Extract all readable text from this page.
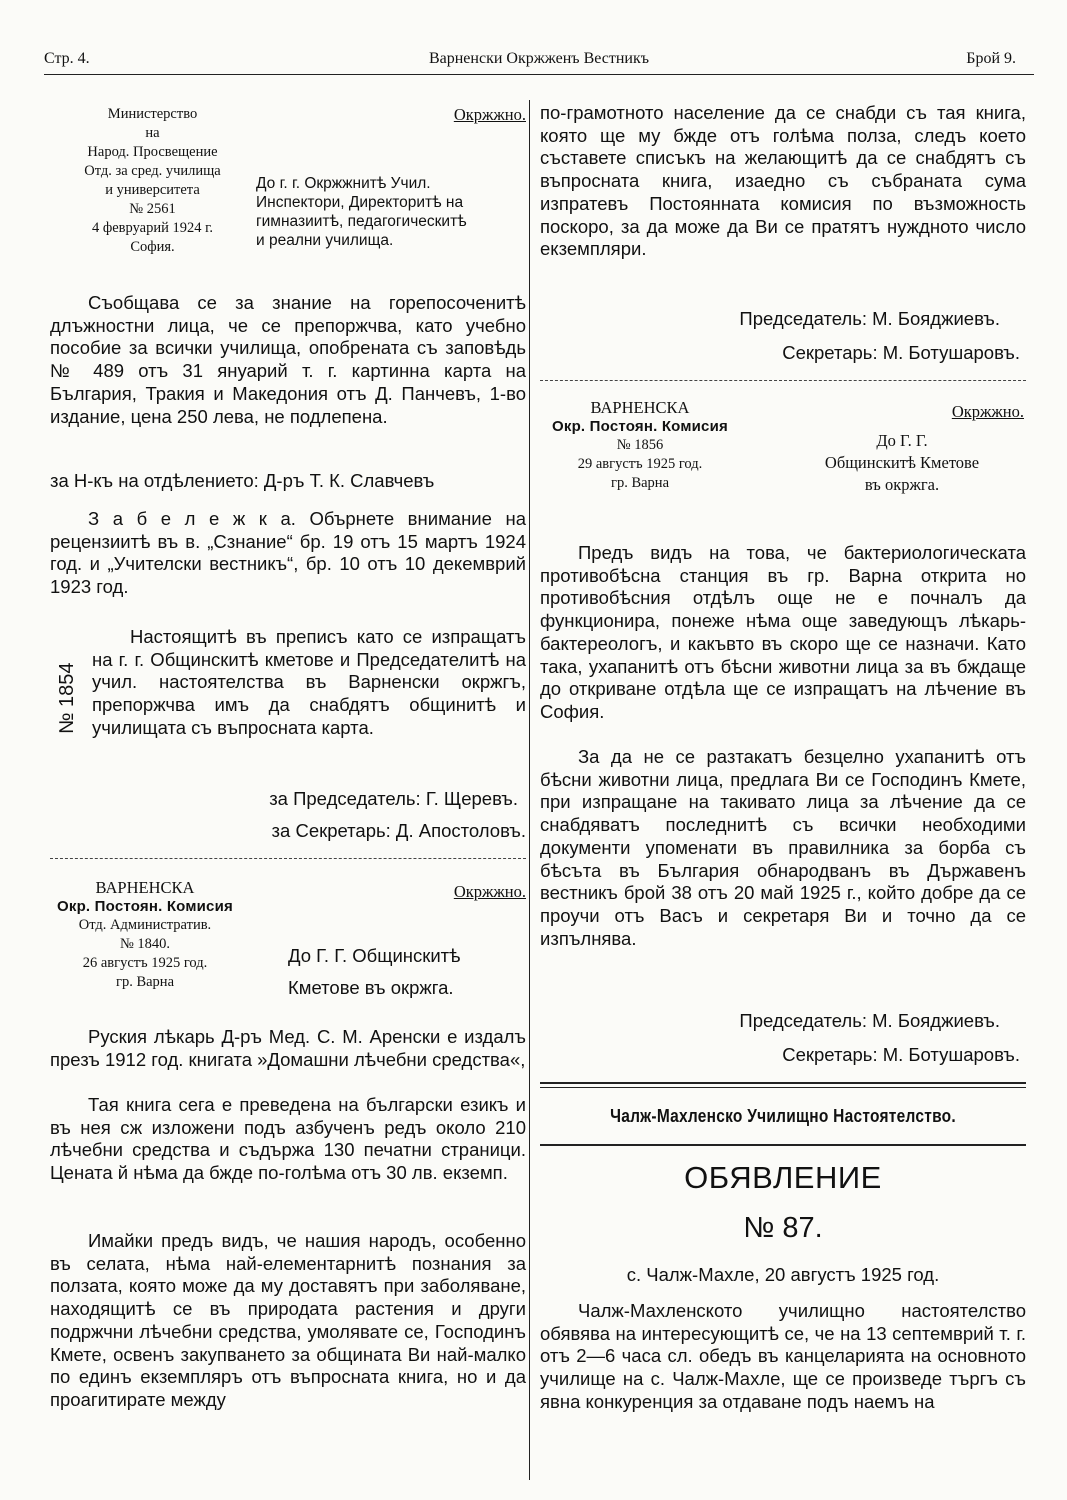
Стр. 4.	Варненски Окржженъ Вестникъ	Брой 9.
Министерство
на
Народ. Просвещение
Отд. за сред. училища
и университета
№ 2561
4 февруарий 1924 г.
София.
Окржжно.
До г. г. Окржжнитѣ Учил.
Инспектори, Директоритѣ на
гимназиитѣ, педагогическитѣ
и реални училища.

Съобщава се за знание на горепосоченитѣ длъжностни лица, че се препоржчва, като учебно пособие за всички училища, опобрената съ заповѣдь № 489 отъ 31 януарий т. г. картинна карта на България, Тракия и Македония отъ Д. Панчевъ, 1-во издание, цена 250 лева, не подлепена.

за Н-къ на отдѣлението: Д-ръ Т. К. Славчевъ

З а б е л е ж к а. Обърнете внимание на рецензиитѣ въ в. „Сзнание“ бр. 19 отъ 15 мартъ 1924 год. и „Учителски вестникъ“, бр. 10 отъ 10 декемврий 1923 год.

№ 1854

Настоящитѣ въ преписъ като се изпращатъ на г. г. Общинскитѣ кметове и Председателитѣ на учил. настоятелства въ Варненски окржгъ, препоржчва имъ да снабдятъ общинитѣ и училищата съ въпросната карта.

за Председатель: Г. Щеревъ.

за Секретарь: Д. Апостоловъ.

ВАРНЕНСКА
Окр. Постоян. Комисия
Отд. Административ.
№ 1840.
26 августъ 1925 год.
гр. Варна
Окржжно.
До Г. Г. Общинскитѣ
Кметове въ окржга.

Руския лѣкарь Д-ръ Мед. С. М. Аренски е издалъ презъ 1912 год. книгата »Домашни лѣчебни средства«,

Тая книга сега е преведена на български езикъ и въ нея сж изложени подъ азбученъ редъ около 210 лѣчебни средства и съдържа 130 печатни страници. Цената й нѣма да бжде по-голѣма отъ 30 лв. екземп.

Имайки предъ видъ, че нашия народъ, особенно въ селата, нѣма най-елементарнитѣ познания за ползата, която може да му доставятъ при заболяване, находящитѣ се въ природата растения и други подржчни лѣчебни средства, умолявате се, Господинъ Кмете, освенъ закупването за общината Ви най-малко по единъ екземпляръ отъ въпросната книга, но и да проагитирате между

по-грамотното население да се снабди съ тая книга, която ще му бжде отъ голѣма полза, следъ което съставете списъкъ на желающитѣ да се снабдятъ съ въпросната книга, изаедно съ събраната сума изпратевъ Постоянната комисия по възможность поскоро, за да може да Ви се пратятъ нуждното число екземпляри.

Председатель: М. Бояджиевъ.

Секретарь: М. Ботушаровъ.

ВАРНЕНСКА
Окр. Постоян. Комисия
№ 1856
29 августъ 1925 год.
гр. Варна
Окржжно.
До Г. Г.
Общинскитѣ Кметове
въ окржга.

Предъ видъ на това, че бактериологическата противобѣсна станция въ гр. Варна открита но противобѣсния отдѣлъ още не е почналъ да функционира, понеже нѣма още заведующъ лѣкарь-бактереологъ, и какъвто въ скоро ще се назначи. Като така, ухапанитѣ отъ бѣсни животни лица за въ бждаще до откриване отдѣла ще се изпращатъ на лѣчение въ София.

За да не се разтакатъ безцелно ухапанитѣ отъ бѣсни животни лица, предлага Ви се Господинъ Кмете, при изпращане на такивато лица за лѣчение да се снабдяватъ последнитѣ съ всички необходими документи упоменати въ правилника за борба съ бѣсъта въ България обнародванъ въ Държавенъ вестникъ брой 38 отъ 20 май 1925 г., който добре да се проучи отъ Васъ и секретаря Ви и точно да се изпълнява.

Председатель: М. Бояджиевъ.

Секретарь: М. Ботушаровъ.

Чалж-Махленско Училищно Настоятелство.
ОБЯВЛЕНИЕ
№ 87.
с. Чалж-Махле, 20 августъ 1925 год.

Чалж-Махленското училищно настоятелство обявява на интересующитѣ се, че на 13 септемврий т. г. отъ 2—6 часа сл. обедъ въ канцеларията на основното училище на с. Чалж-Махле, ще се произведе търгъ съ явна конкуренция за отдаване подъ наемъ на
